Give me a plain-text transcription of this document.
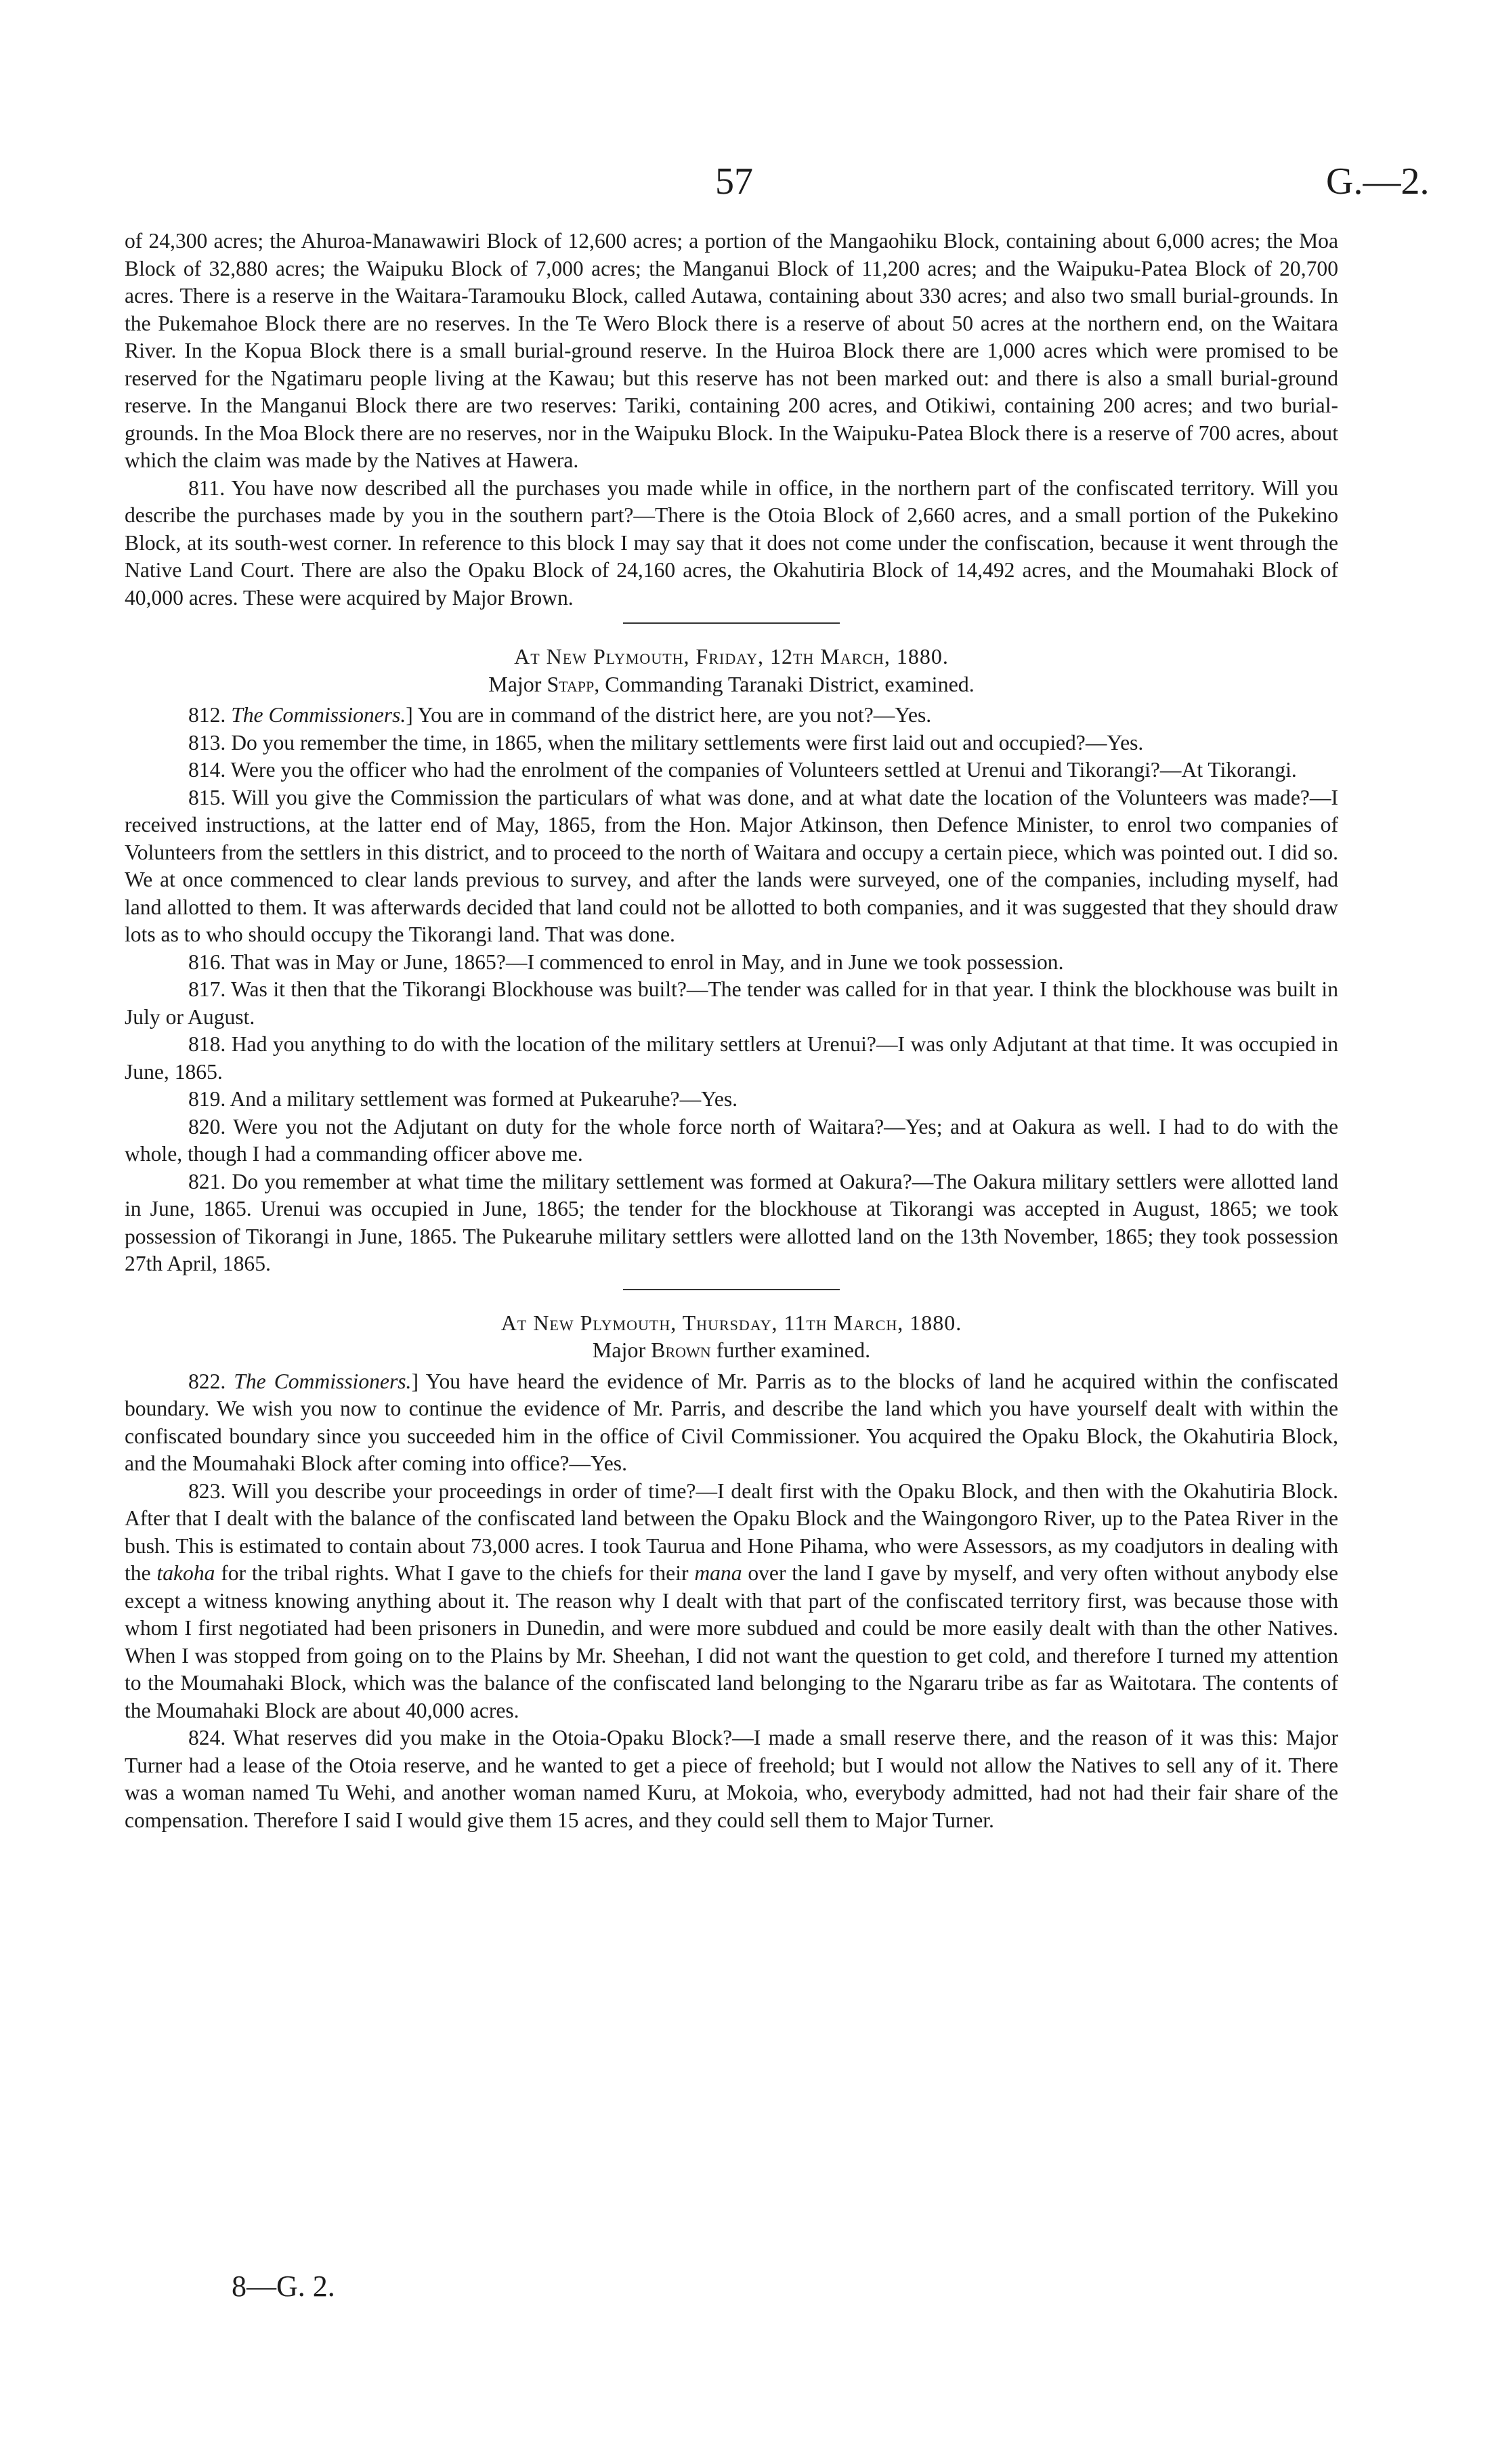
57	G.—2.

of 24,300 acres; the Ahuroa-Manawawiri Block of 12,600 acres; a portion of the Mangaohiku Block, containing about 6,000 acres; the Moa Block of 32,880 acres; the Waipuku Block of 7,000 acres; the Manganui Block of 11,200 acres; and the Waipuku-Patea Block of 20,700 acres. There is a reserve in the Waitara-Taramouku Block, called Autawa, containing about 330 acres; and also two small burial-grounds. In the Pukemahoe Block there are no reserves. In the Te Wero Block there is a reserve of about 50 acres at the northern end, on the Waitara River. In the Kopua Block there is a small burial-ground reserve. In the Huiroa Block there are 1,000 acres which were promised to be reserved for the Ngatimaru people living at the Kawau; but this reserve has not been marked out: and there is also a small burial-ground reserve. In the Manganui Block there are two reserves: Tariki, containing 200 acres, and Otikiwi, containing 200 acres; and two burial-grounds. In the Moa Block there are no reserves, nor in the Waipuku Block. In the Waipuku-Patea Block there is a reserve of 700 acres, about which the claim was made by the Natives at Hawera.

811. You have now described all the purchases you made while in office, in the northern part of the confiscated territory. Will you describe the purchases made by you in the southern part?—There is the Otoia Block of 2,660 acres, and a small portion of the Pukekino Block, at its south-west corner. In reference to this block I may say that it does not come under the confiscation, because it went through the Native Land Court. There are also the Opaku Block of 24,160 acres, the Okahutiria Block of 14,492 acres, and the Moumahaki Block of 40,000 acres. These were acquired by Major Brown.

At New Plymouth, Friday, 12th March, 1880.

Major Stapp, Commanding Taranaki District, examined.

812. The Commissioners.] You are in command of the district here, are you not?—Yes.

813. Do you remember the time, in 1865, when the military settlements were first laid out and occupied?—Yes.

814. Were you the officer who had the enrolment of the companies of Volunteers settled at Urenui and Tikorangi?—At Tikorangi.

815. Will you give the Commission the particulars of what was done, and at what date the location of the Volunteers was made?—I received instructions, at the latter end of May, 1865, from the Hon. Major Atkinson, then Defence Minister, to enrol two companies of Volunteers from the settlers in this district, and to proceed to the north of Waitara and occupy a certain piece, which was pointed out. I did so. We at once commenced to clear lands previous to survey, and after the lands were surveyed, one of the companies, including myself, had land allotted to them. It was afterwards decided that land could not be allotted to both companies, and it was suggested that they should draw lots as to who should occupy the Tikorangi land. That was done.

816. That was in May or June, 1865?—I commenced to enrol in May, and in June we took possession.

817. Was it then that the Tikorangi Blockhouse was built?—The tender was called for in that year. I think the blockhouse was built in July or August.

818. Had you anything to do with the location of the military settlers at Urenui?—I was only Adjutant at that time. It was occupied in June, 1865.

819. And a military settlement was formed at Pukearuhe?—Yes.

820. Were you not the Adjutant on duty for the whole force north of Waitara?—Yes; and at Oakura as well. I had to do with the whole, though I had a commanding officer above me.

821. Do you remember at what time the military settlement was formed at Oakura?—The Oakura military settlers were allotted land in June, 1865. Urenui was occupied in June, 1865; the tender for the blockhouse at Tikorangi was accepted in August, 1865; we took possession of Tikorangi in June, 1865. The Pukearuhe military settlers were allotted land on the 13th November, 1865; they took possession 27th April, 1865.

At New Plymouth, Thursday, 11th March, 1880.

Major Brown further examined.

822. The Commissioners.] You have heard the evidence of Mr. Parris as to the blocks of land he acquired within the confiscated boundary. We wish you now to continue the evidence of Mr. Parris, and describe the land which you have yourself dealt with within the confiscated boundary since you succeeded him in the office of Civil Commissioner. You acquired the Opaku Block, the Okahutiria Block, and the Moumahaki Block after coming into office?—Yes.

823. Will you describe your proceedings in order of time?—I dealt first with the Opaku Block, and then with the Okahutiria Block. After that I dealt with the balance of the confiscated land between the Opaku Block and the Waingongoro River, up to the Patea River in the bush. This is estimated to contain about 73,000 acres. I took Taurua and Hone Pihama, who were Assessors, as my coadjutors in dealing with the takoha for the tribal rights. What I gave to the chiefs for their mana over the land I gave by myself, and very often without anybody else except a witness knowing anything about it. The reason why I dealt with that part of the confiscated territory first, was because those with whom I first negotiated had been prisoners in Dunedin, and were more subdued and could be more easily dealt with than the other Natives. When I was stopped from going on to the Plains by Mr. Sheehan, I did not want the question to get cold, and therefore I turned my attention to the Moumahaki Block, which was the balance of the confiscated land belonging to the Ngararu tribe as far as Waitotara. The contents of the Moumahaki Block are about 40,000 acres.

824. What reserves did you make in the Otoia-Opaku Block?—I made a small reserve there, and the reason of it was this: Major Turner had a lease of the Otoia reserve, and he wanted to get a piece of freehold; but I would not allow the Natives to sell any of it. There was a woman named Tu Wehi, and another woman named Kuru, at Mokoia, who, everybody admitted, had not had their fair share of the compensation. Therefore I said I would give them 15 acres, and they could sell them to Major Turner.

8—G. 2.
